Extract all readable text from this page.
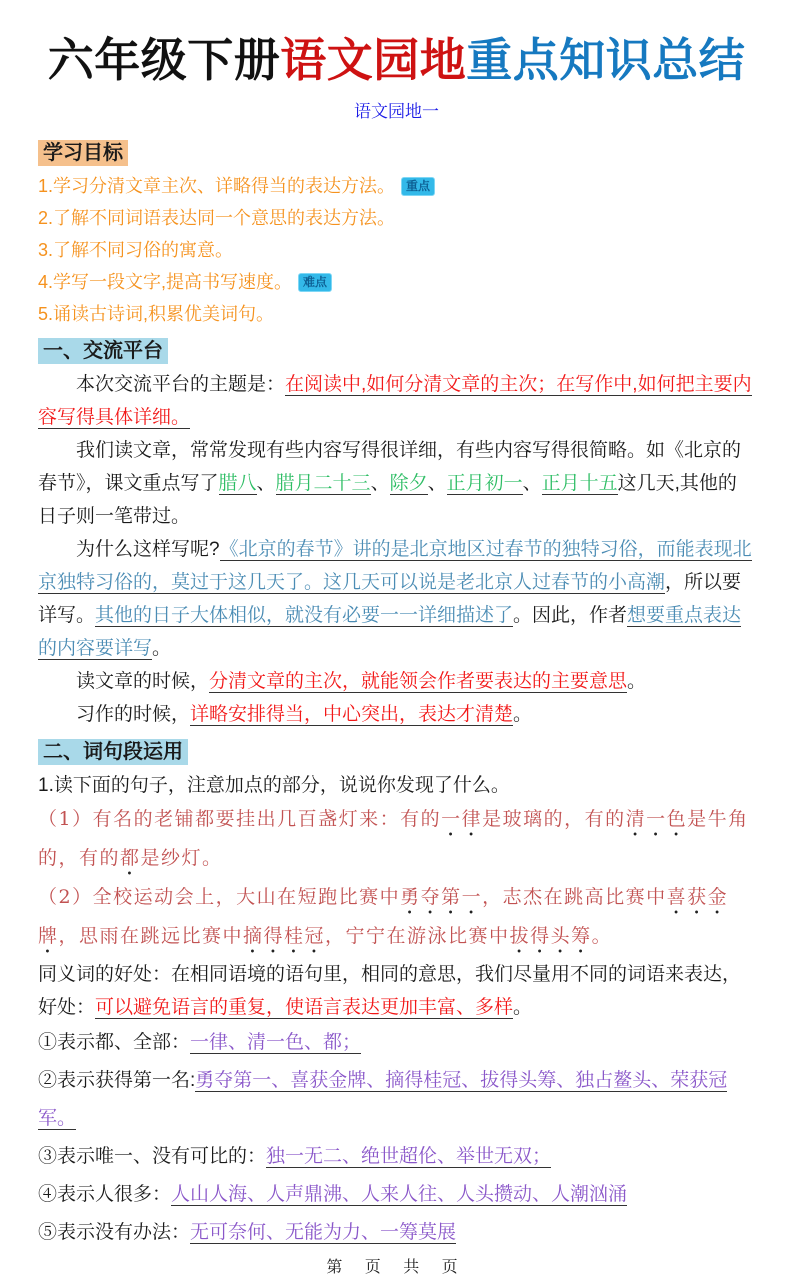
六年级下册语文园地重点知识总结
语文园地一
学习目标
1.学习分清文章主次、详略得当的表达方法。 重点
2.了解不同词语表达同一个意思的表达方法。
3.了解不同习俗的寓意。
4.学写一段文字,提高书写速度。 难点
5.诵读古诗词,积累优美词句。
一、交流平台

本次交流平台的主题是：在阅读中,如何分清文章的主次；在写作中,如何把主要内容写得具体详细。

我们读文章，常常发现有些内容写得很详细，有些内容写得很简略。如《北京的春节》，课文重点写了腊八、腊月二十三、除夕、正月初一、正月十五这几天,其他的日子则一笔带过。

为什么这样写呢?《北京的春节》讲的是北京地区过春节的独特习俗，而能表现北京独特习俗的，莫过于这几天了。这几天可以说是老北京人过春节的小高潮，所以要详写。其他的日子大体相似，就没有必要一一详细描述了。因此，作者想要重点表达的内容要详写。

读文章的时候，分清文章的主次，就能领会作者要表达的主要意思。

习作的时候，详略安排得当，中心突出，表达才清楚。

二、词句段运用

1.读下面的句子，注意加点的部分，说说你发现了什么。

（1）有名的老铺都要挂出几百盏灯来：有的一律是玻璃的，有的清一色是牛角的，有的都是纱灯。

（2）全校运动会上，大山在短跑比赛中勇夺第一，志杰在跳高比赛中喜获金牌，思雨在跳远比赛中摘得桂冠，宁宁在游泳比赛中拔得头筹。

同义词的好处：在相同语境的语句里，相同的意思，我们尽量用不同的词语来表达，好处：可以避免语言的重复，使语言表达更加丰富、多样。

①表示都、全部：一律、清一色、都；
②表示获得第一名:勇夺第一、喜获金牌、摘得桂冠、拔得头筹、独占鳌头、荣获冠军。
③表示唯一、没有可比的：独一无二、绝世超伦、举世无双；
④表示人很多：人山人海、人声鼎沸、人来人往、人头攒动、人潮汹涌
⑤表示没有办法：无可奈何、无能为力、一筹莫展
第 页 共 页
